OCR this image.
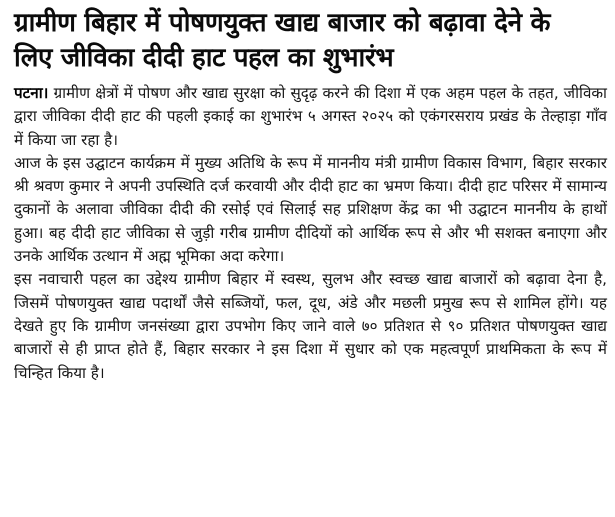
ग्रामीण बिहार में पोषणयुक्त खाद्य बाजार को बढ़ावा देने के
लिए जीविका दीदी हाट पहल का शुभारंभ

पटना। ग्रामीण क्षेत्रों में पोषण और खाद्य सुरक्षा को सुदृढ़ करने की दिशा में एक अहम पहल के तहत, जीविका द्वारा जीविका दीदी हाट की पहली इकाई का शुभारंभ ५ अगस्त २०२५ को एकंगरसराय प्रखंड के तेल्हाड़ा गाँव में किया जा रहा है।

आज के इस उद्घाटन कार्यक्रम में मुख्य अतिथि के रूप में माननीय मंत्री ग्रामीण विकास विभाग, बिहार सरकार श्री श्रवण कुमार ने अपनी उपस्थिति दर्ज करवायी और दीदी हाट का भ्रमण किया। दीदी हाट परिसर में सामान्य दुकानों के अलावा जीविका दीदी की रसोई एवं सिलाई सह प्रशिक्षण केंद्र का भी उद्घाटन माननीय के हाथों हुआ। बह दीदी हाट जीविका से जुड़ी गरीब ग्रामीण दीदियों को आर्थिक रूप से और भी सशक्त बनाएगा और उनके आर्थिक उत्थान में अह्म भूमिका अदा करेगा।

इस नवाचारी पहल का उद्देश्य ग्रामीण बिहार में स्वस्थ, सुलभ और स्वच्छ खाद्य बाजारों को बढ़ावा देना है, जिसमें पोषणयुक्त खाद्य पदार्थों जैसे सब्जियों, फल, दूध, अंडे और मछली प्रमुख रूप से शामिल होंगे। यह देखते हुए कि ग्रामीण जनसंख्या द्वारा उपभोग किए जाने वाले ७० प्रतिशत से ९० प्रतिशत पोषणयुक्त खाद्य बाजारों से ही प्राप्त होते हैं, बिहार सरकार ने इस दिशा में सुधार को एक महत्वपूर्ण प्राथमिकता के रूप में चिन्हित किया है।
